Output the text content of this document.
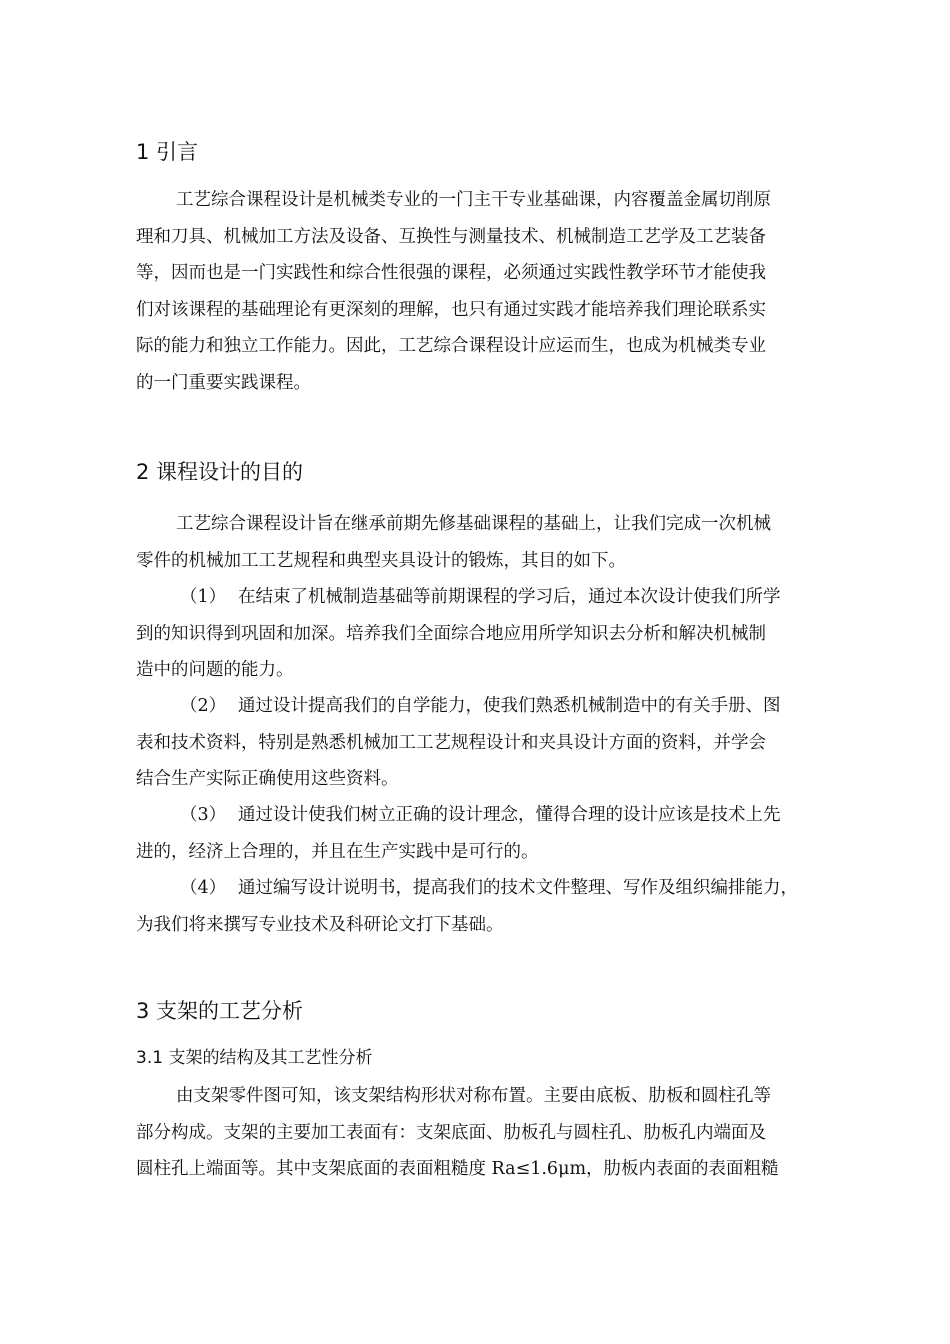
1 引言
工艺综合课程设计是机械类专业的一门主干专业基础课，内容覆盖金属切削原
理和刀具、机械加工方法及设备、互换性与测量技术、机械制造工艺学及工艺装备
等，因而也是一门实践性和综合性很强的课程，必须通过实践性教学环节才能使我
们对该课程的基础理论有更深刻的理解，也只有通过实践才能培养我们理论联系实
际的能力和独立工作能力。因此，工艺综合课程设计应运而生，也成为机械类专业
的一门重要实践课程。
2 课程设计的目的
工艺综合课程设计旨在继承前期先修基础课程的基础上，让我们完成一次机械
零件的机械加工工艺规程和典型夹具设计的锻炼，其目的如下。
（1） 在结束了机械制造基础等前期课程的学习后，通过本次设计使我们所学
到的知识得到巩固和加深。培养我们全面综合地应用所学知识去分析和解决机械制
造中的问题的能力。
（2） 通过设计提高我们的自学能力，使我们熟悉机械制造中的有关手册、图
表和技术资料，特别是熟悉机械加工工艺规程设计和夹具设计方面的资料，并学会
结合生产实际正确使用这些资料。
（3） 通过设计使我们树立正确的设计理念，懂得合理的设计应该是技术上先
进的，经济上合理的，并且在生产实践中是可行的。
（4） 通过编写设计说明书，提高我们的技术文件整理、写作及组织编排能力，
为我们将来撰写专业技术及科研论文打下基础。
3 支架的工艺分析
3.1 支架的结构及其工艺性分析
由支架零件图可知，该支架结构形状对称布置。主要由底板、肋板和圆柱孔等
部分构成。支架的主要加工表面有：支架底面、肋板孔与圆柱孔、肋板孔内端面及
圆柱孔上端面等。其中支架底面的表面粗糙度 Ra≤1.6μm，肋板内表面的表面粗糙
